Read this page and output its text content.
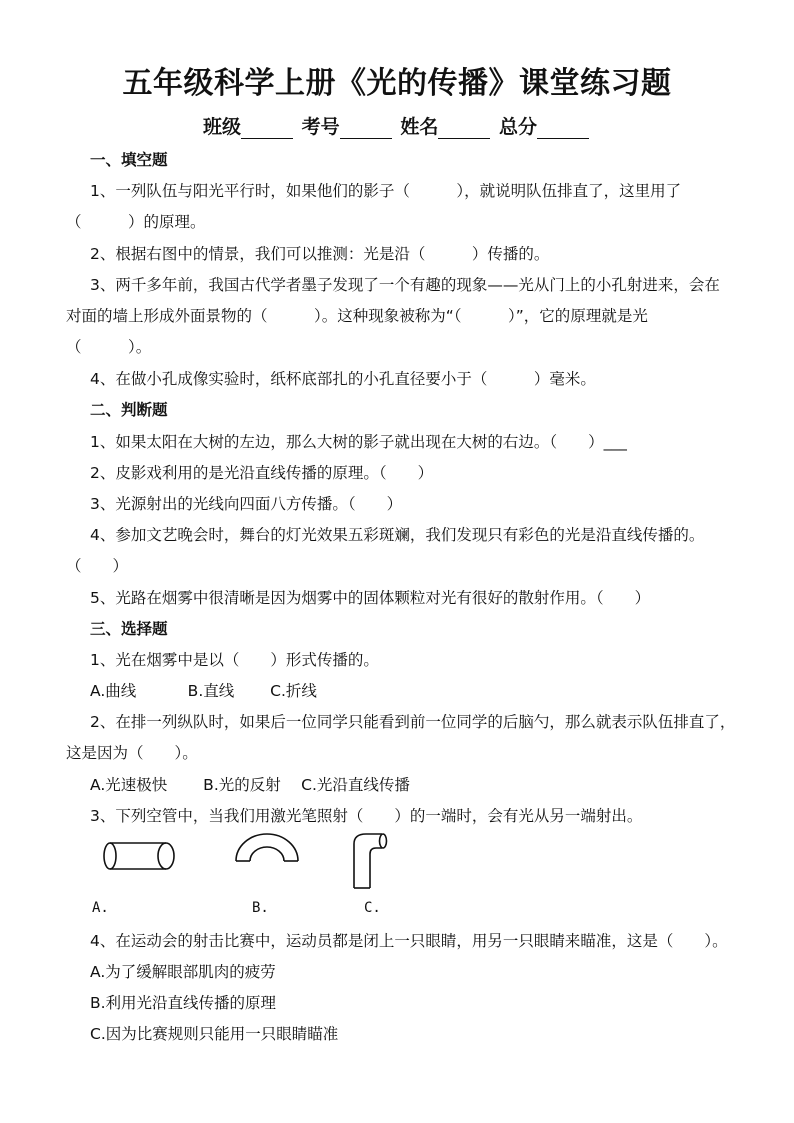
五年级科学上册《光的传播》课堂练习题
班级	考号	姓名	总分
一、填空题
1、一列队伍与阳光平行时，如果他们的影子（　　　），就说明队伍排直了，这里用了
（　　　）的原理。
2、根据右图中的情景，我们可以推测：光是沿（　　　）传播的。
3、两千多年前，我国古代学者墨子发现了一个有趣的现象——光从门上的小孔射进来，会在
对面的墙上形成外面景物的（　　　）。这种现象被称为“（　　　）”，它的原理就是光
（　　　）。
4、在做小孔成像实验时，纸杯底部扎的小孔直径要小于（　　　）毫米。
二、判断题
1、如果太阳在大树的左边，那么大树的影子就出现在大树的右边。（　　）___
2、皮影戏利用的是光沿直线传播的原理。（　　）
3、光源射出的光线向四面八方传播。（　　）
4、参加文艺晚会时，舞台的灯光效果五彩斑斓，我们发现只有彩色的光是沿直线传播的。
（　　）
5、光路在烟雾中很清晰是因为烟雾中的固体颗粒对光有很好的散射作用。（　　）
三、选择题
1、光在烟雾中是以（　　）形式传播的。
A.曲线　　　 B.直线　　 C.折线
2、在排一列纵队时，如果后一位同学只能看到前一位同学的后脑勺，那么就表示队伍排直了，
这是因为（　　）。
A.光速极快　　 B.光的反射　 C.光沿直线传播
3、下列空管中，当我们用激光笔照射（　　）的一端时，会有光从另一端射出。
A.	B.	C.
4、在运动会的射击比赛中，运动员都是闭上一只眼睛，用另一只眼睛来瞄准，这是（　　）。
A.为了缓解眼部肌肉的疲劳
B.利用光沿直线传播的原理
C.因为比赛规则只能用一只眼睛瞄准
